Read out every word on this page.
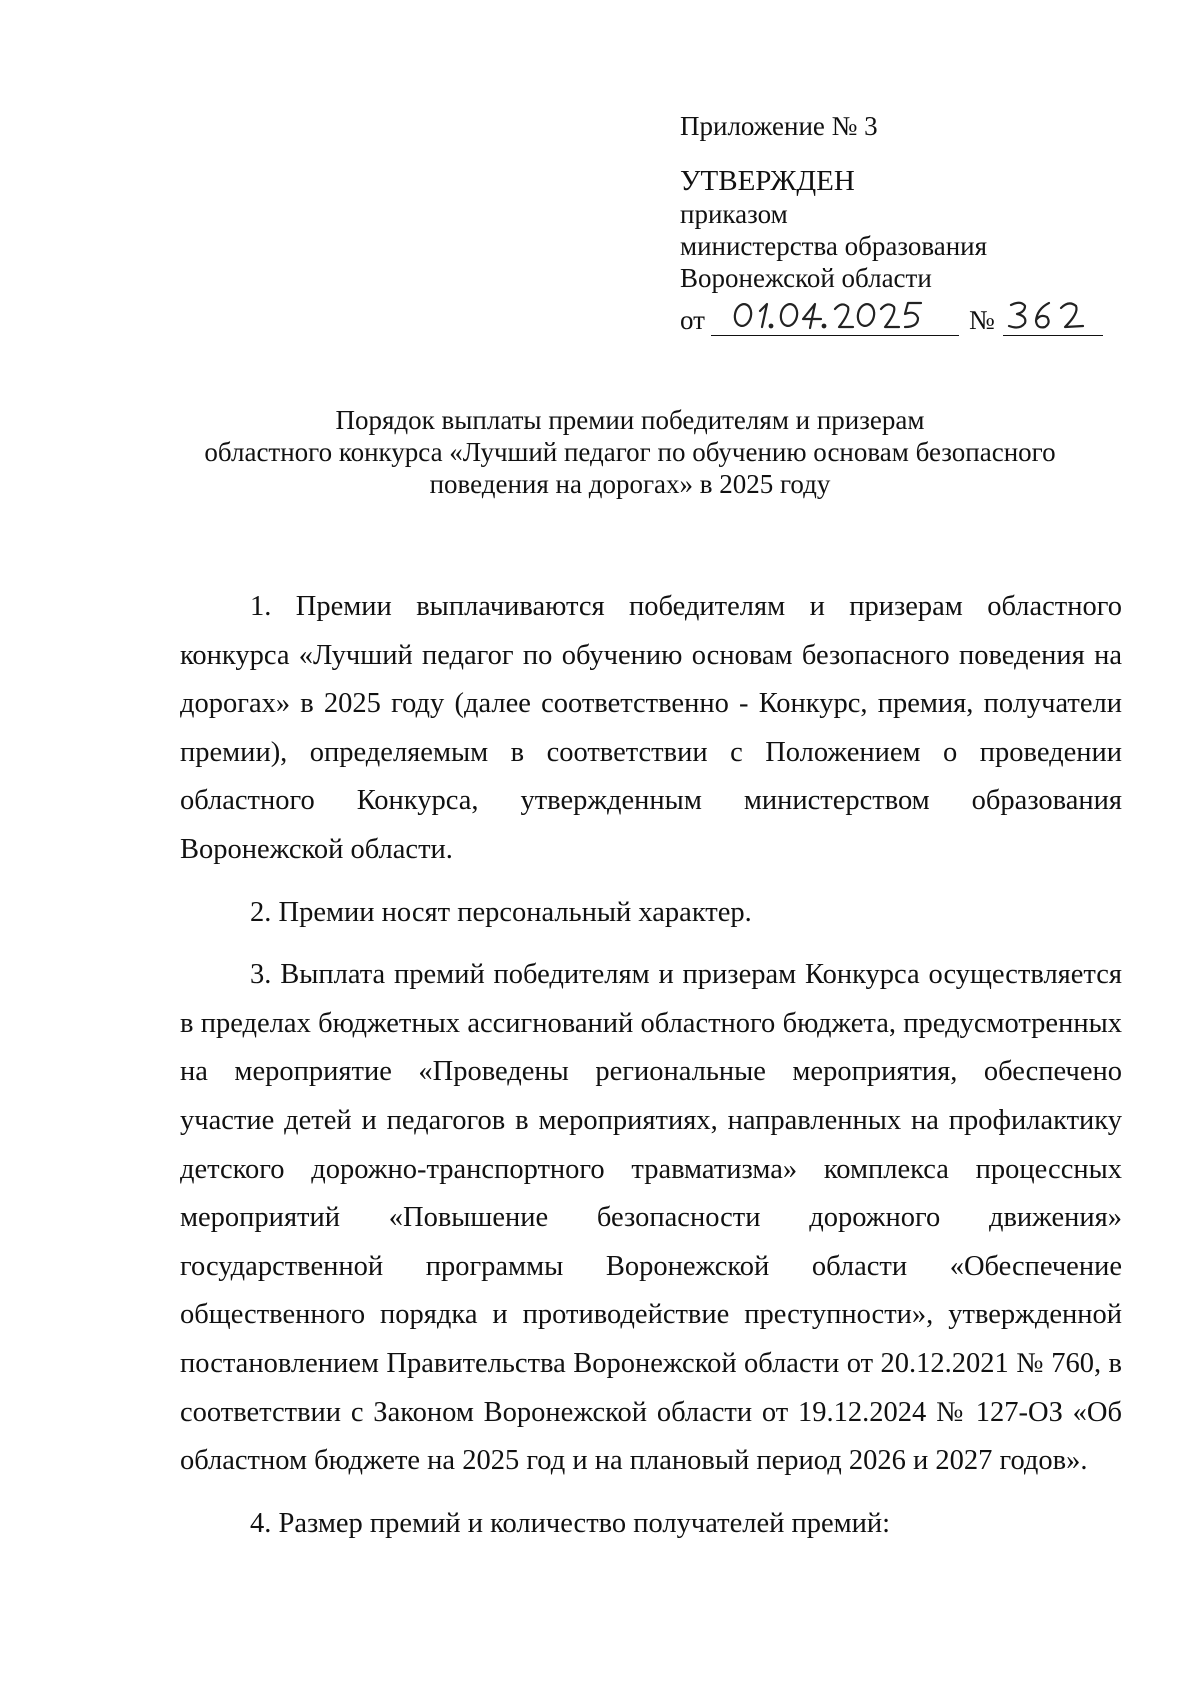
Приложение № 3

УТВЕРЖДЕН

приказом

министерства образования

Воронежской области

от	№

Порядок выплаты премии победителям и призерам

областного конкурса «Лучший педагог по обучению основам безопасного

поведения на дорогах» в 2025 году

1. Премии выплачиваются победителям и призерам областного конкурса «Лучший педагог по обучению основам безопасного поведения на дорогах» в 2025 году (далее соответственно - Конкурс, премия, получатели премии), определяемым в соответствии с Положением о проведении областного Конкурса, утвержденным министерством образования Воронежской области.

2. Премии носят персональный характер.

3. Выплата премий победителям и призерам Конкурса осуществляется в пределах бюджетных ассигнований областного бюджета, предусмотренных на мероприятие «Проведены региональные мероприятия, обеспечено участие детей и педагогов в мероприятиях, направленных на профилактику детского дорожно-транспортного травматизма» комплекса процессных мероприятий «Повышение безопасности дорожного движения» государственной программы Воронежской области «Обеспечение общественного порядка и противодействие преступности», утвержденной постановлением Правительства Воронежской области от 20.12.2021 № 760, в соответствии с Законом Воронежской области от 19.12.2024 № 127-ОЗ «Об областном бюджете на 2025 год и на плановый период 2026 и 2027 годов».

4. Размер премий и количество получателей премий:
